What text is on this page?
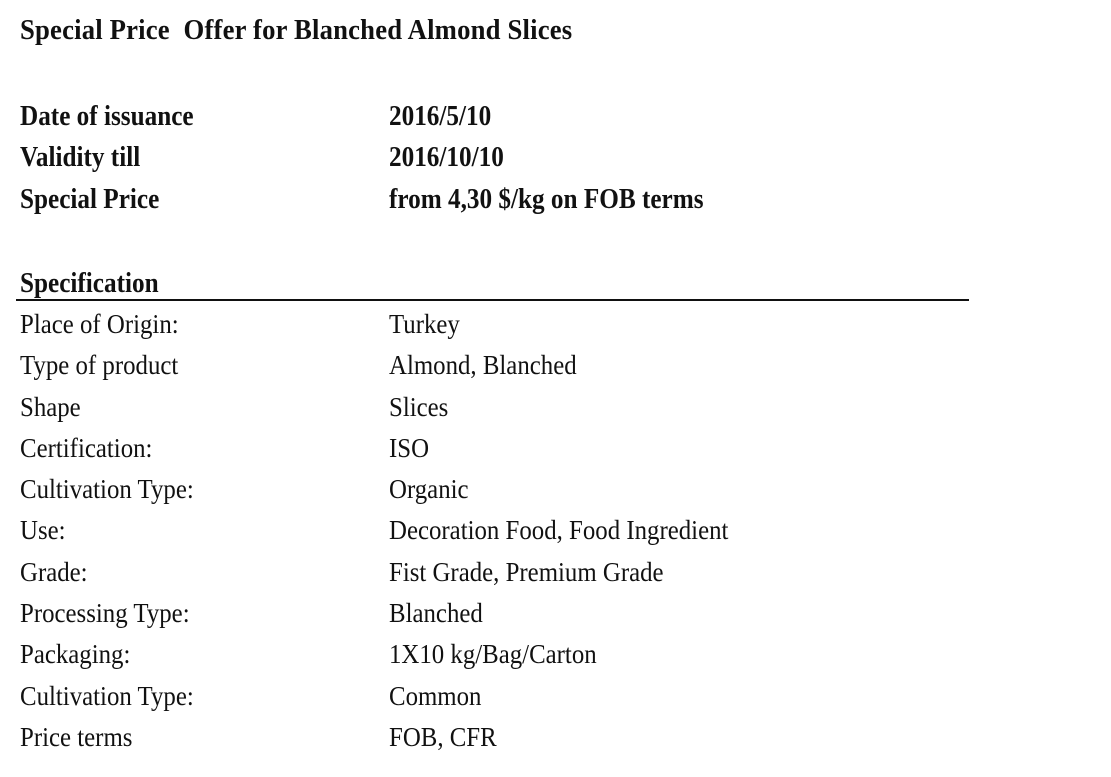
Special Price  Offer for Blanched Almond Slices
Date of issuance	2016/5/10
Validity till	2016/10/10
Special Price	from 4,30 $/kg on FOB terms
Specification
Place of Origin:	Turkey
Type of product	Almond, Blanched
Shape	Slices
Certification:	ISO
Cultivation Type:	Organic
Use:	Decoration Food, Food Ingredient
Grade:	Fist Grade, Premium Grade
Processing Type:	Blanched
Packaging:	1X10 kg/Bag/Carton
Cultivation Type:	Common
Price terms	FOB, CFR
